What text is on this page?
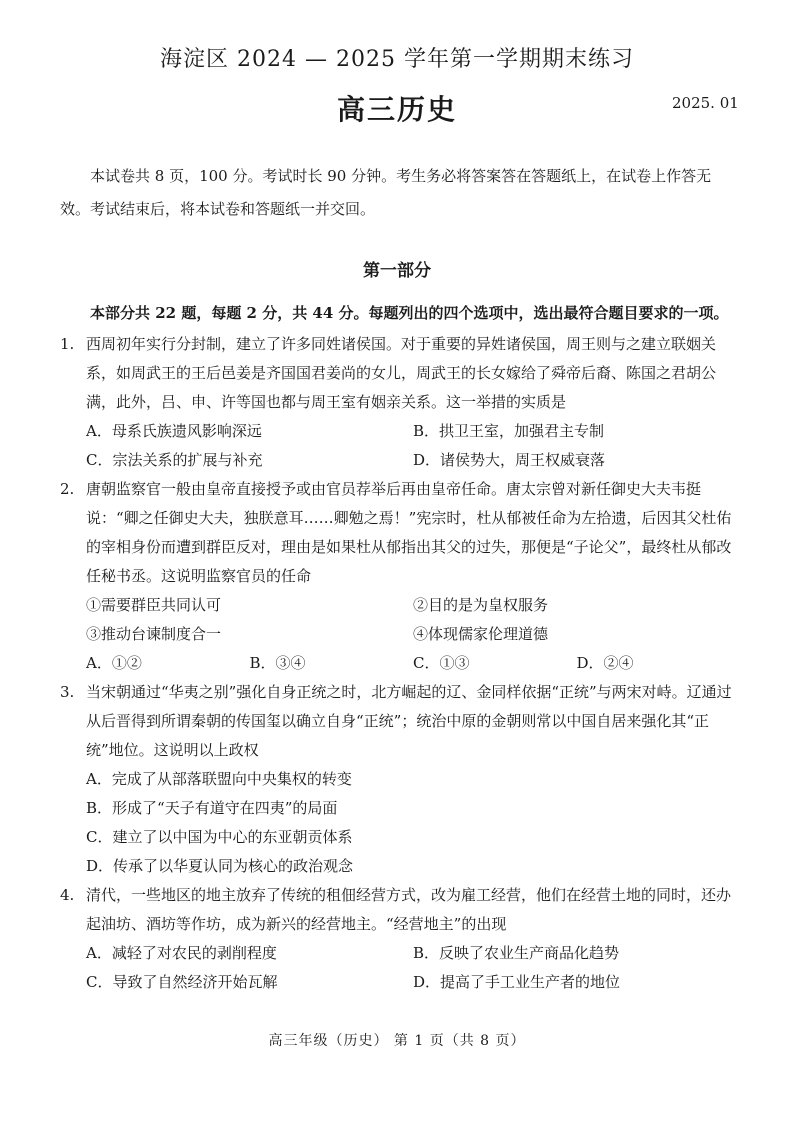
海淀区 2024 — 2025 学年第一学期期末练习
高三历史	2025. 01
本试卷共 8 页，100 分。考试时长 90 分钟。考生务必将答案答在答题纸上，在试卷上作答无效。考试结束后，将本试卷和答题纸一并交回。
第一部分
本部分共 22 题，每题 2 分，共 44 分。每题列出的四个选项中，选出最符合题目要求的一项。
1. 西周初年实行分封制，建立了许多同姓诸侯国。对于重要的异姓诸侯国，周王则与之建立联姻关系，如周武王的王后邑姜是齐国国君姜尚的女儿，周武王的长女嫁给了舜帝后裔、陈国之君胡公满，此外，吕、申、许等国也都与周王室有姻亲关系。这一举措的实质是
A．母系氏族遗风影响深远	B．拱卫王室，加强君主专制
C．宗法关系的扩展与补充	D．诸侯势大，周王权威衰落
2. 唐朝监察官一般由皇帝直接授予或由官员荐举后再由皇帝任命。唐太宗曾对新任御史大夫韦挺说：“卿之任御史大夫，独朕意耳……卿勉之焉！”宪宗时，杜从郁被任命为左拾遗，后因其父杜佑的宰相身份而遭到群臣反对，理由是如果杜从郁指出其父的过失，那便是“子论父”，最终杜从郁改任秘书丞。这说明监察官员的任命
①需要群臣共同认可	②目的是为皇权服务
③推动台谏制度合一	④体现儒家伦理道德
A．①②	B．③④	C．①③	D．②④
3. 当宋朝通过“华夷之别”强化自身正统之时，北方崛起的辽、金同样依据“正统”与两宋对峙。辽通过从后晋得到所谓秦朝的传国玺以确立自身“正统”；统治中原的金朝则常以中国自居来强化其“正统”地位。这说明以上政权
A．完成了从部落联盟向中央集权的转变
B．形成了“天子有道守在四夷”的局面
C．建立了以中国为中心的东亚朝贡体系
D．传承了以华夏认同为核心的政治观念
4. 清代，一些地区的地主放弃了传统的租佃经营方式，改为雇工经营，他们在经营土地的同时，还办起油坊、酒坊等作坊，成为新兴的经营地主。“经营地主”的出现
A．减轻了对农民的剥削程度	B．反映了农业生产商品化趋势
C．导致了自然经济开始瓦解	D．提高了手工业生产者的地位
高三年级（历史） 第 1 页（共 8 页）
